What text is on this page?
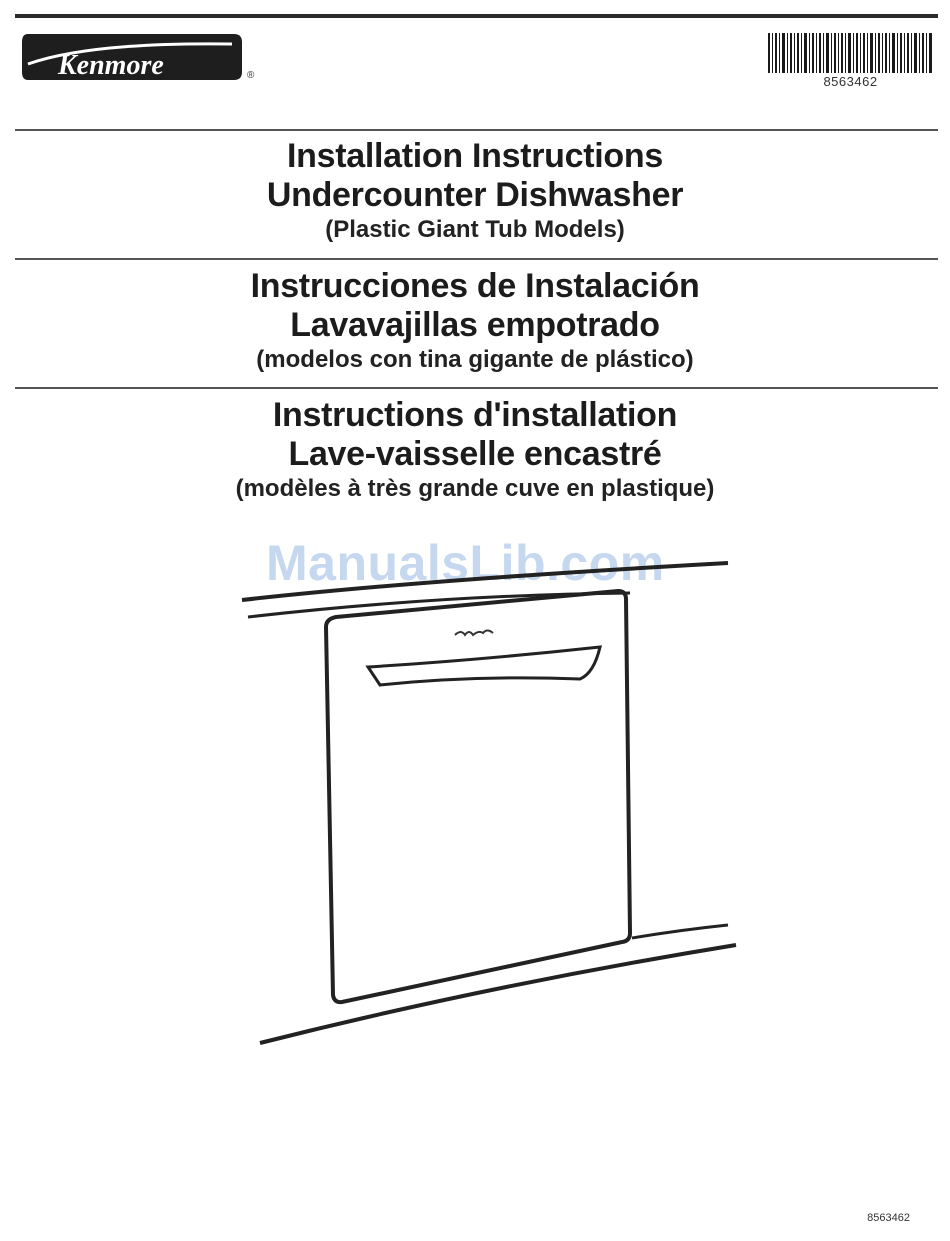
Kenmore	®	8563462
Installation Instructions
Undercounter Dishwasher
(Plastic Giant Tub Models)
Instrucciones de Instalación
Lavavajillas empotrado
(modelos con tina gigante de plástico)
Instructions d'installation
Lave-vaisselle encastré
(modèles à très grande cuve en plastique)
ManualsLib.com
8563462
